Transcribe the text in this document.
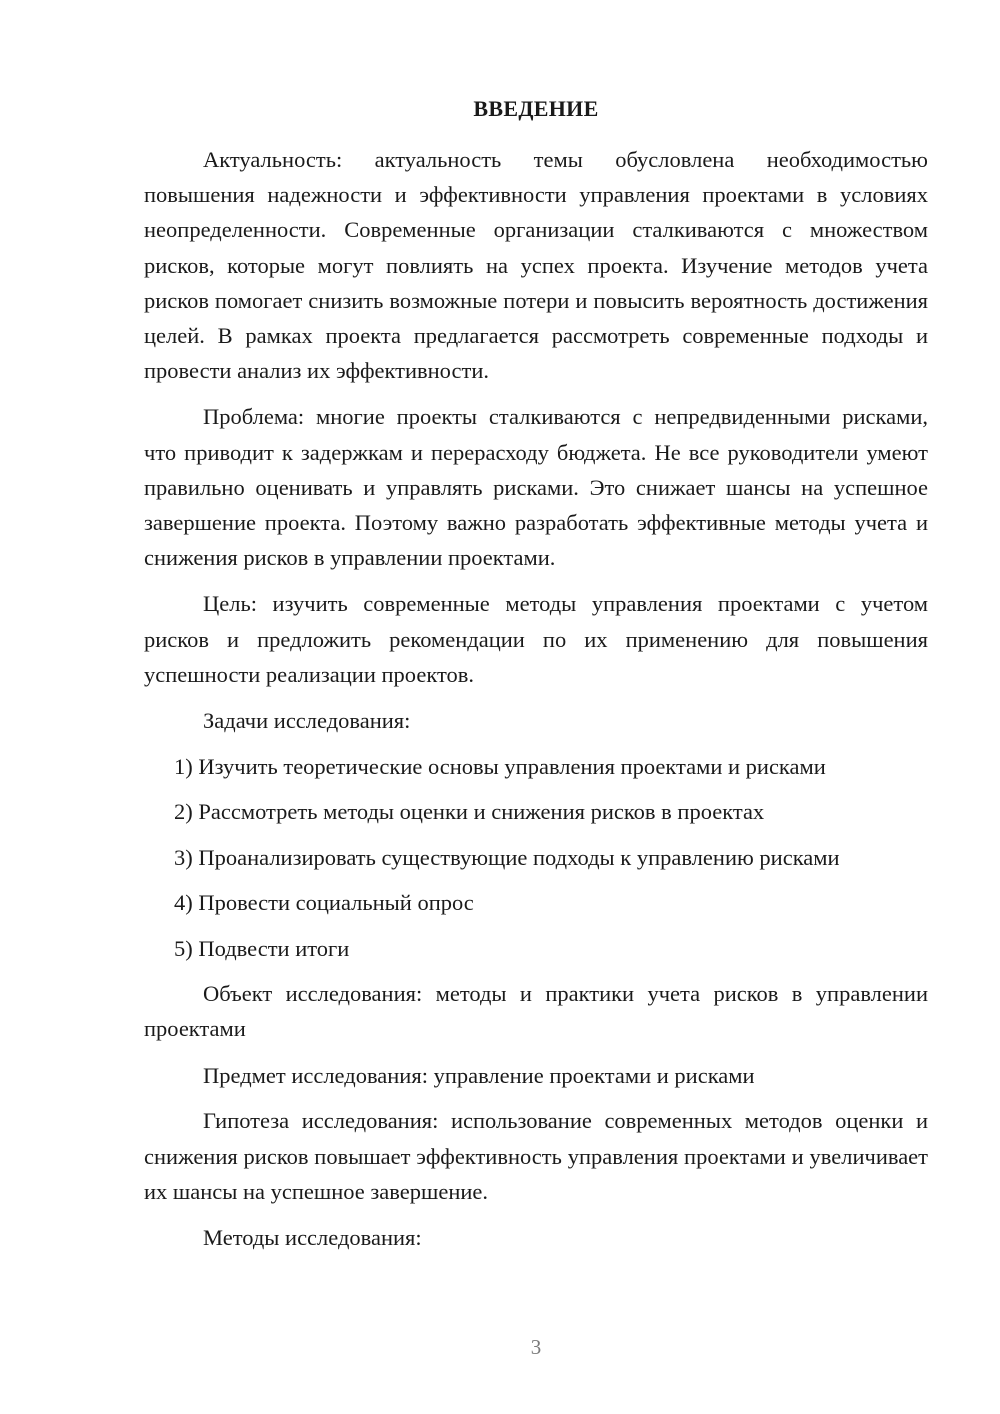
ВВЕДЕНИЕ

Актуальность: актуальность темы обусловлена необходимостью повышения надежности и эффективности управления проектами в условиях неопределенности. Современные организации сталкиваются с множеством рисков, которые могут повлиять на успех проекта. Изучение методов учета рисков помогает снизить возможные потери и повысить вероятность достижения целей. В рамках проекта предлагается рассмотреть современные подходы и провести анализ их эффективности.

Проблема: многие проекты сталкиваются с непредвиденными рисками, что приводит к задержкам и перерасходу бюджета. Не все руководители умеют правильно оценивать и управлять рисками. Это снижает шансы на успешное завершение проекта. Поэтому важно разработать эффективные методы учета и снижения рисков в управлении проектами.

Цель: изучить современные методы управления проектами с учетом рисков и предложить рекомендации по их применению для повышения успешности реализации проектов.

Задачи исследования:

1) Изучить теоретические основы управления проектами и рисками
2) Рассмотреть методы оценки и снижения рисков в проектах
3) Проанализировать существующие подходы к управлению рисками
4) Провести социальный опрос
5) Подвести итоги

Объект исследования: методы и практики учета рисков в управлении проектами

Предмет исследования: управление проектами и рисками

Гипотеза исследования: использование современных методов оценки и снижения рисков повышает эффективность управления проектами и увеличивает их шансы на успешное завершение.

Методы исследования:

3
